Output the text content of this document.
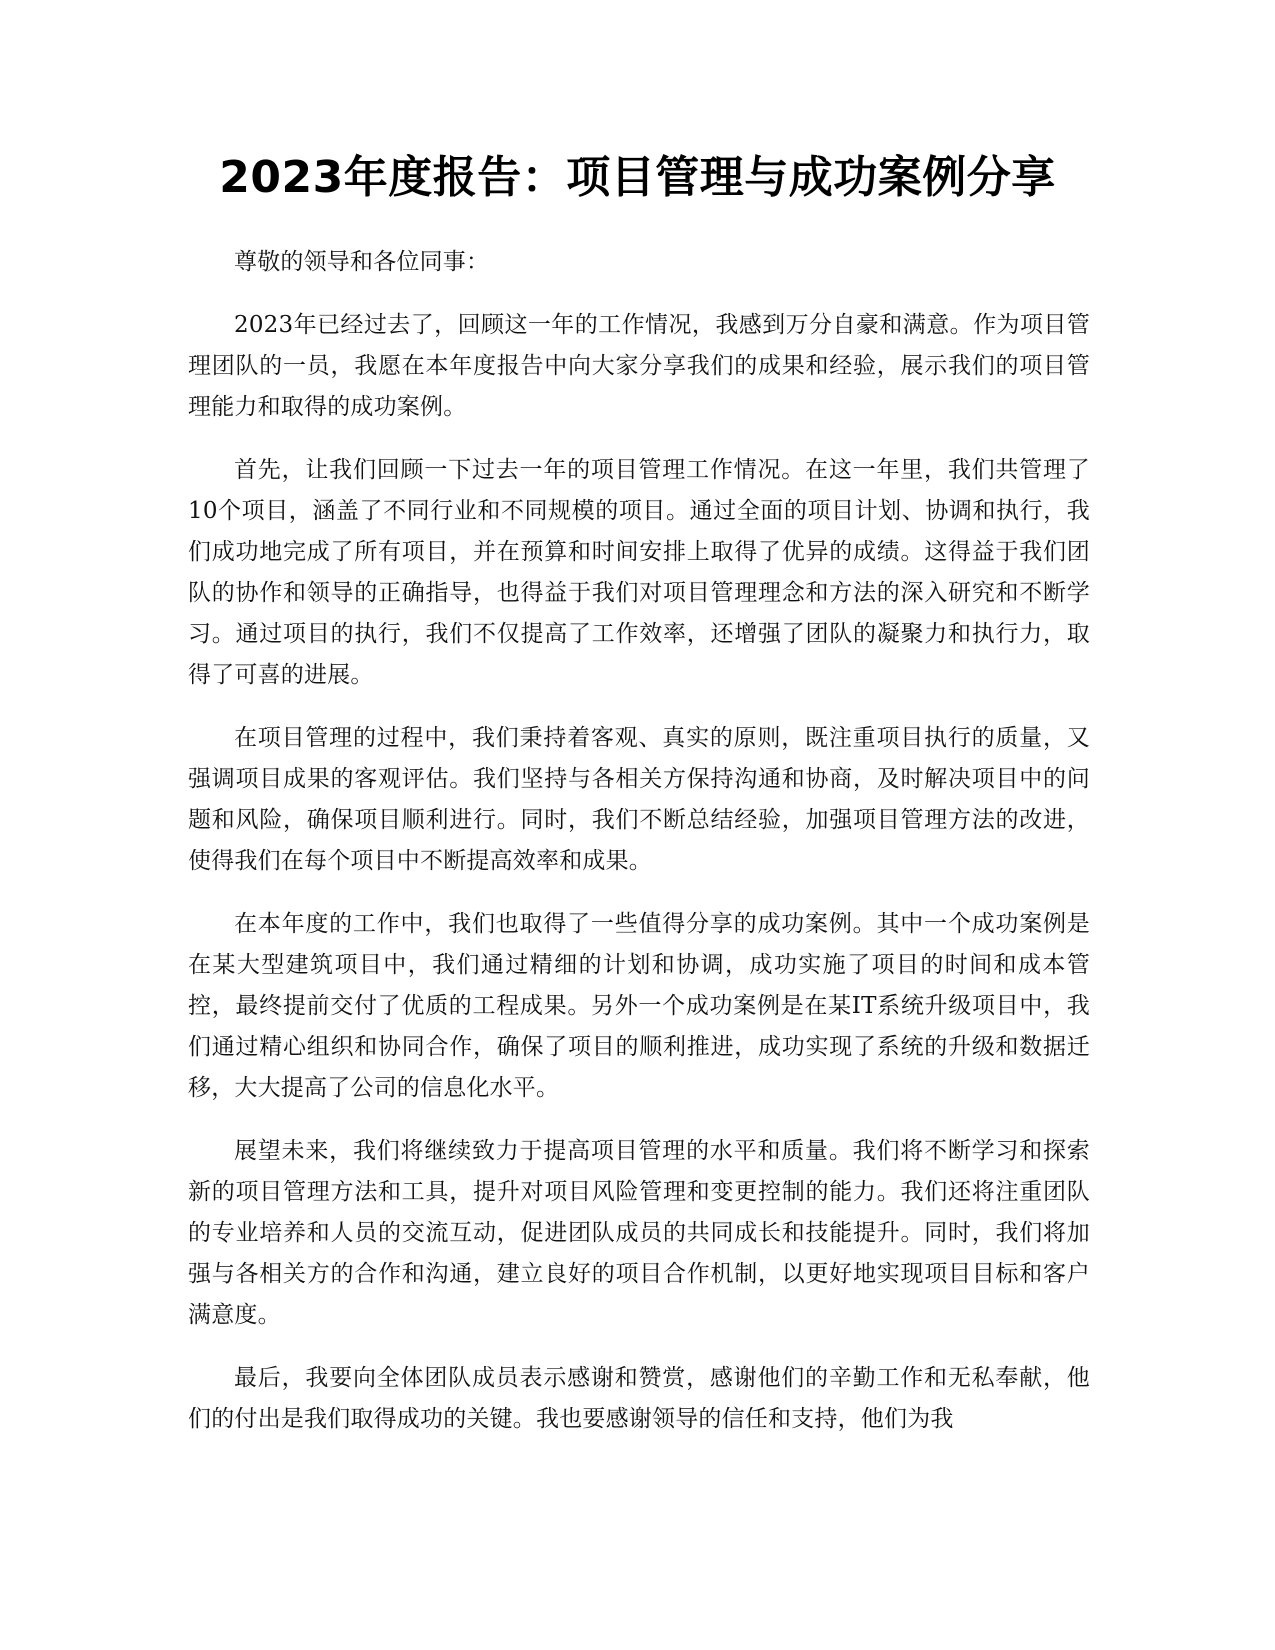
2023年度报告：项目管理与成功案例分享

尊敬的领导和各位同事：

2023年已经过去了，回顾这一年的工作情况，我感到万分自豪和满意。作为项目管理团队的一员，我愿在本年度报告中向大家分享我们的成果和经验，展示我们的项目管理能力和取得的成功案例。

首先，让我们回顾一下过去一年的项目管理工作情况。在这一年里，我们共管理了10个项目，涵盖了不同行业和不同规模的项目。通过全面的项目计划、协调和执行，我们成功地完成了所有项目，并在预算和时间安排上取得了优异的成绩。这得益于我们团队的协作和领导的正确指导，也得益于我们对项目管理理念和方法的深入研究和不断学习。通过项目的执行，我们不仅提高了工作效率，还增强了团队的凝聚力和执行力，取得了可喜的进展。

在项目管理的过程中，我们秉持着客观、真实的原则，既注重项目执行的质量，又强调项目成果的客观评估。我们坚持与各相关方保持沟通和协商，及时解决项目中的问题和风险，确保项目顺利进行。同时，我们不断总结经验，加强项目管理方法的改进，使得我们在每个项目中不断提高效率和成果。

在本年度的工作中，我们也取得了一些值得分享的成功案例。其中一个成功案例是在某大型建筑项目中，我们通过精细的计划和协调，成功实施了项目的时间和成本管控，最终提前交付了优质的工程成果。另外一个成功案例是在某IT系统升级项目中，我们通过精心组织和协同合作，确保了项目的顺利推进，成功实现了系统的升级和数据迁移，大大提高了公司的信息化水平。

展望未来，我们将继续致力于提高项目管理的水平和质量。我们将不断学习和探索新的项目管理方法和工具，提升对项目风险管理和变更控制的能力。我们还将注重团队的专业培养和人员的交流互动，促进团队成员的共同成长和技能提升。同时，我们将加强与各相关方的合作和沟通，建立良好的项目合作机制，以更好地实现项目目标和客户满意度。

最后，我要向全体团队成员表示感谢和赞赏，感谢他们的辛勤工作和无私奉献，他们的付出是我们取得成功的关键。我也要感谢领导的信任和支持，他们为我
